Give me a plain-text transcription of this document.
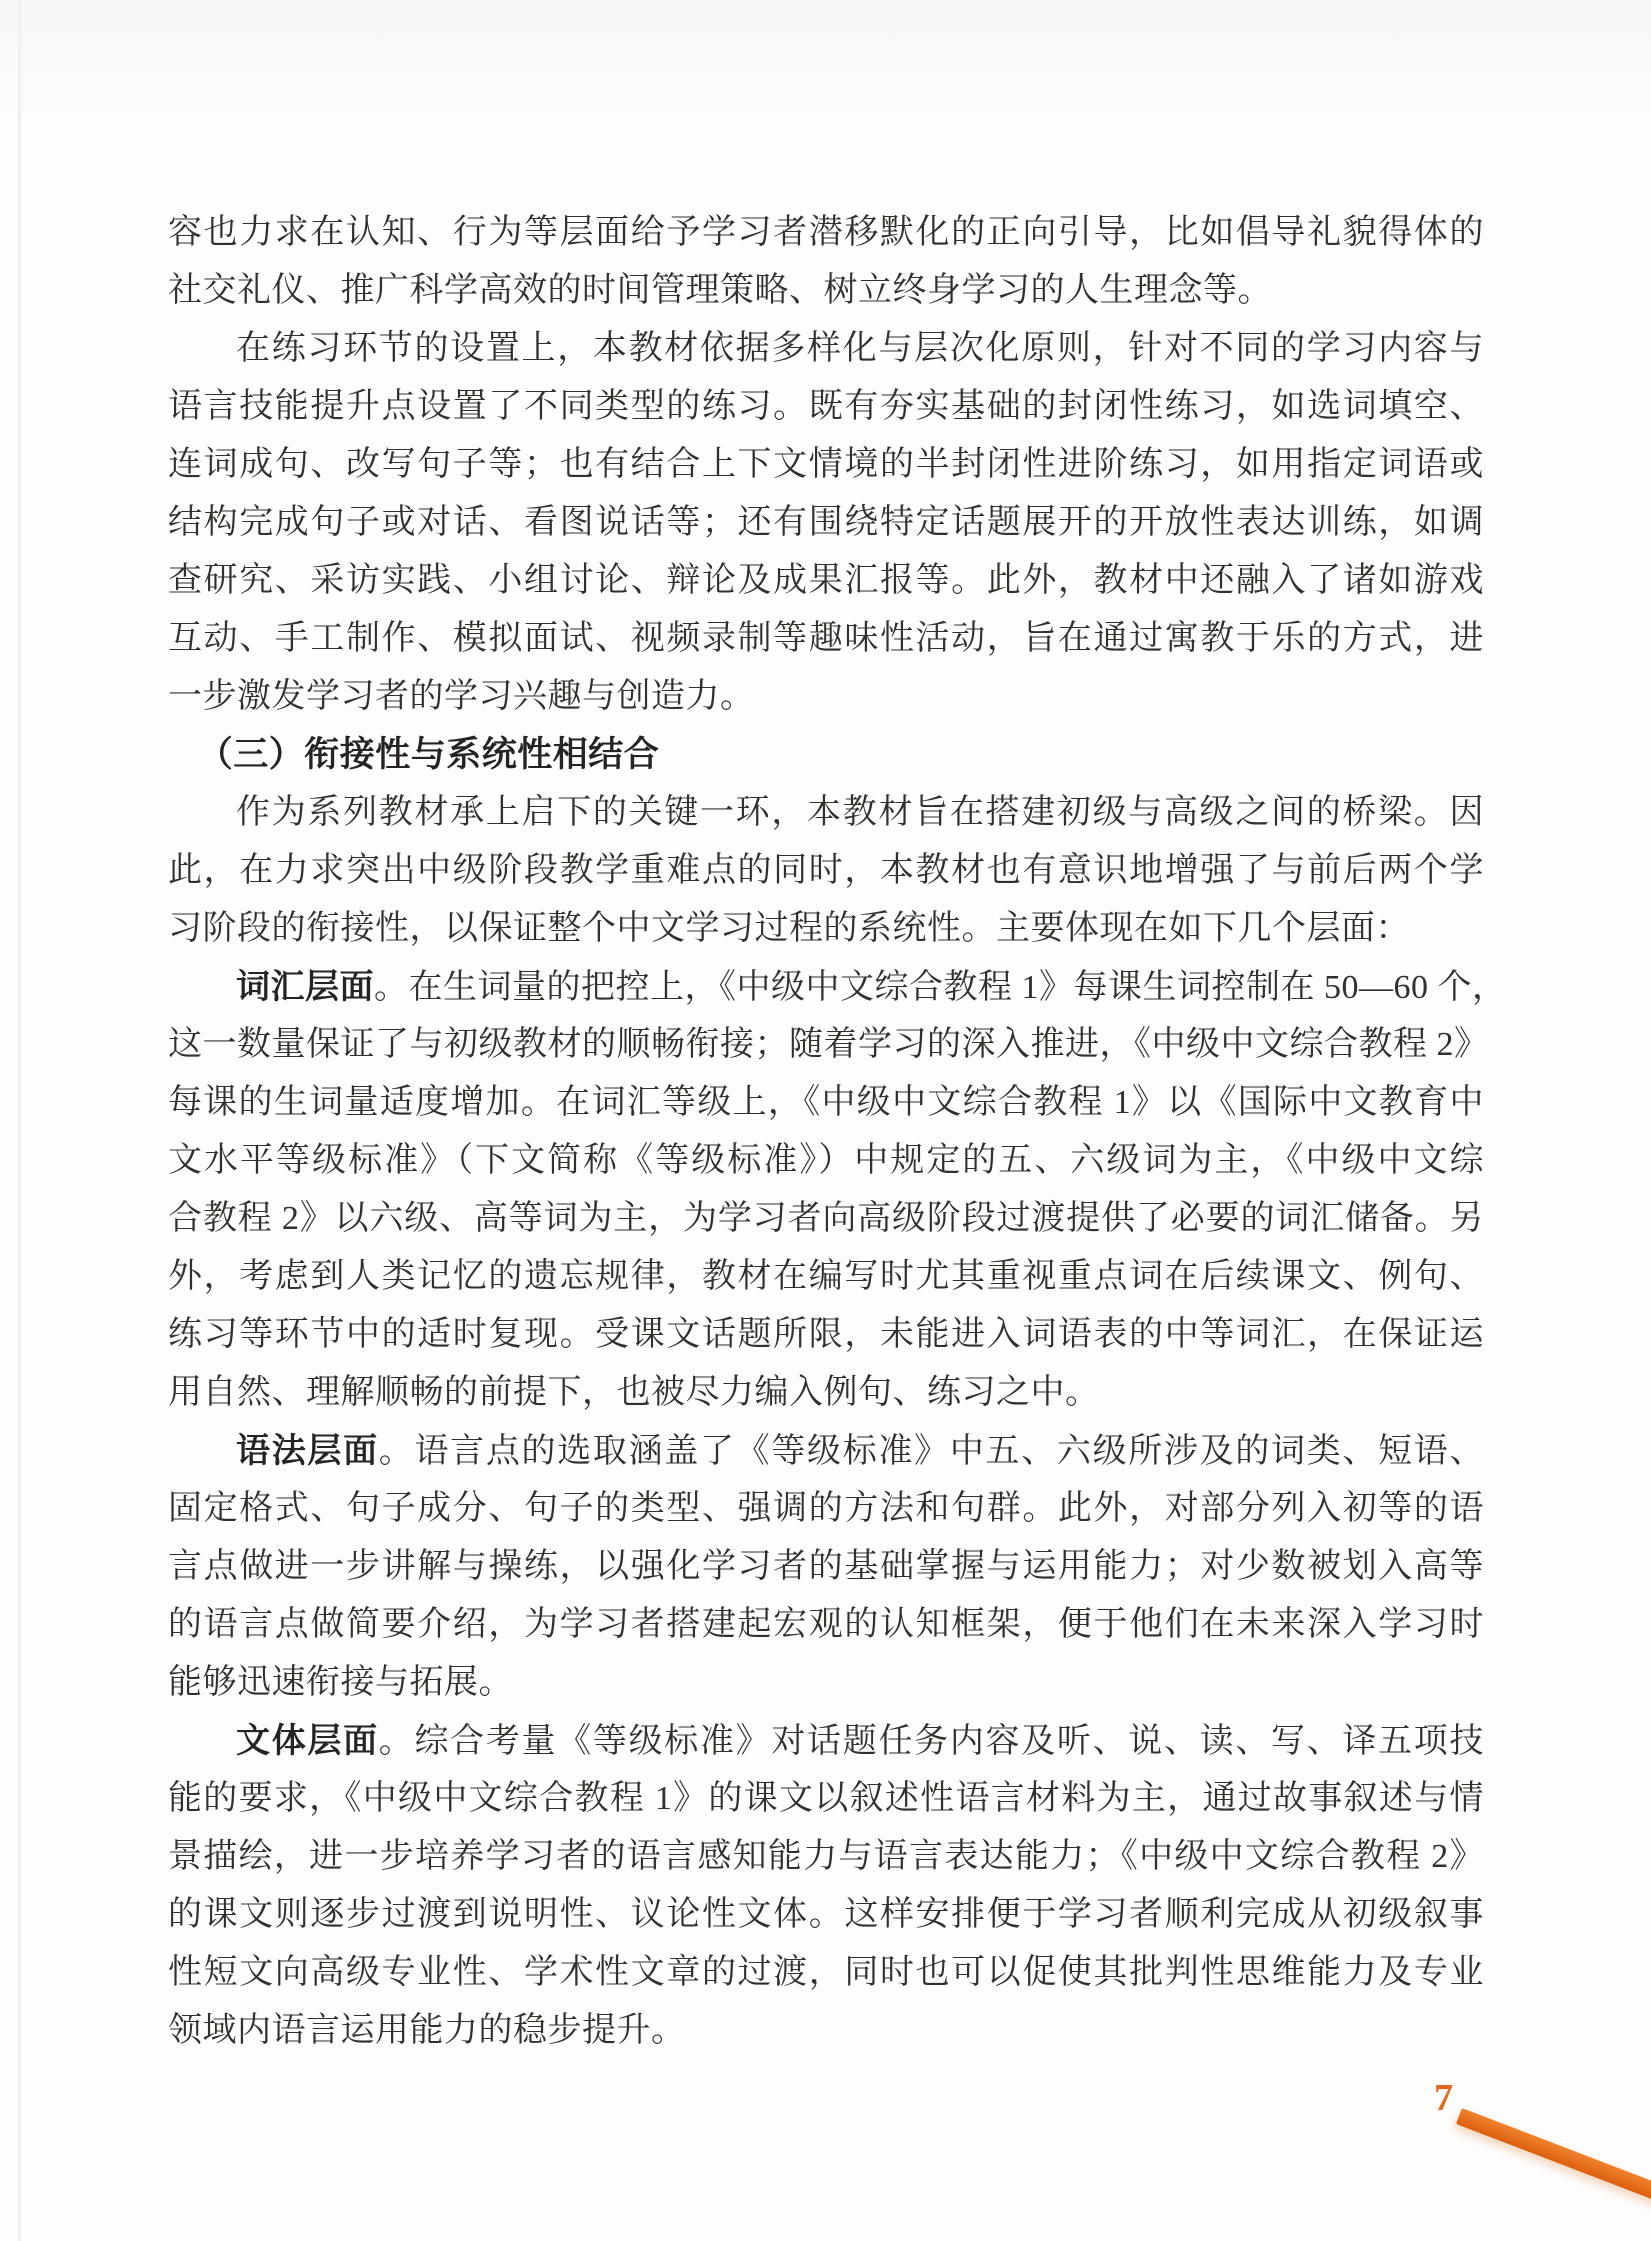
容也力求在认知、行为等层面给予学习者潜移默化的正向引导，比如倡导礼貌得体的
社交礼仪、推广科学高效的时间管理策略、树立终身学习的人生理念等。
在练习环节的设置上，本教材依据多样化与层次化原则，针对不同的学习内容与
语言技能提升点设置了不同类型的练习。既有夯实基础的封闭性练习，如选词填空、
连词成句、改写句子等；也有结合上下文情境的半封闭性进阶练习，如用指定词语或
结构完成句子或对话、看图说话等；还有围绕特定话题展开的开放性表达训练，如调
查研究、采访实践、小组讨论、辩论及成果汇报等。此外，教材中还融入了诸如游戏
互动、手工制作、模拟面试、视频录制等趣味性活动，旨在通过寓教于乐的方式，进
一步激发学习者的学习兴趣与创造力。
（三）衔接性与系统性相结合
作为系列教材承上启下的关键一环，本教材旨在搭建初级与高级之间的桥梁。因
此，在力求突出中级阶段教学重难点的同时，本教材也有意识地增强了与前后两个学
习阶段的衔接性，以保证整个中文学习过程的系统性。主要体现在如下几个层面：
词汇层面。在生词量的把控上，《中级中文综合教程 1》每课生词控制在 50—60 个，
这一数量保证了与初级教材的顺畅衔接；随着学习的深入推进，《中级中文综合教程 2》
每课的生词量适度增加。在词汇等级上，《中级中文综合教程 1》以《国际中文教育中
文水平等级标准》（下文简称《等级标准》）中规定的五、六级词为主，《中级中文综
合教程 2》以六级、高等词为主，为学习者向高级阶段过渡提供了必要的词汇储备。另
外，考虑到人类记忆的遗忘规律，教材在编写时尤其重视重点词在后续课文、例句、
练习等环节中的适时复现。受课文话题所限，未能进入词语表的中等词汇，在保证运
用自然、理解顺畅的前提下，也被尽力编入例句、练习之中。
语法层面。语言点的选取涵盖了《等级标准》中五、六级所涉及的词类、短语、
固定格式、句子成分、句子的类型、强调的方法和句群。此外，对部分列入初等的语
言点做进一步讲解与操练，以强化学习者的基础掌握与运用能力；对少数被划入高等
的语言点做简要介绍，为学习者搭建起宏观的认知框架，便于他们在未来深入学习时
能够迅速衔接与拓展。
文体层面。综合考量《等级标准》对话题任务内容及听、说、读、写、译五项技
能的要求，《中级中文综合教程 1》的课文以叙述性语言材料为主，通过故事叙述与情
景描绘，进一步培养学习者的语言感知能力与语言表达能力；《中级中文综合教程 2》
的课文则逐步过渡到说明性、议论性文体。这样安排便于学习者顺利完成从初级叙事
性短文向高级专业性、学术性文章的过渡，同时也可以促使其批判性思维能力及专业
领域内语言运用能力的稳步提升。
7
